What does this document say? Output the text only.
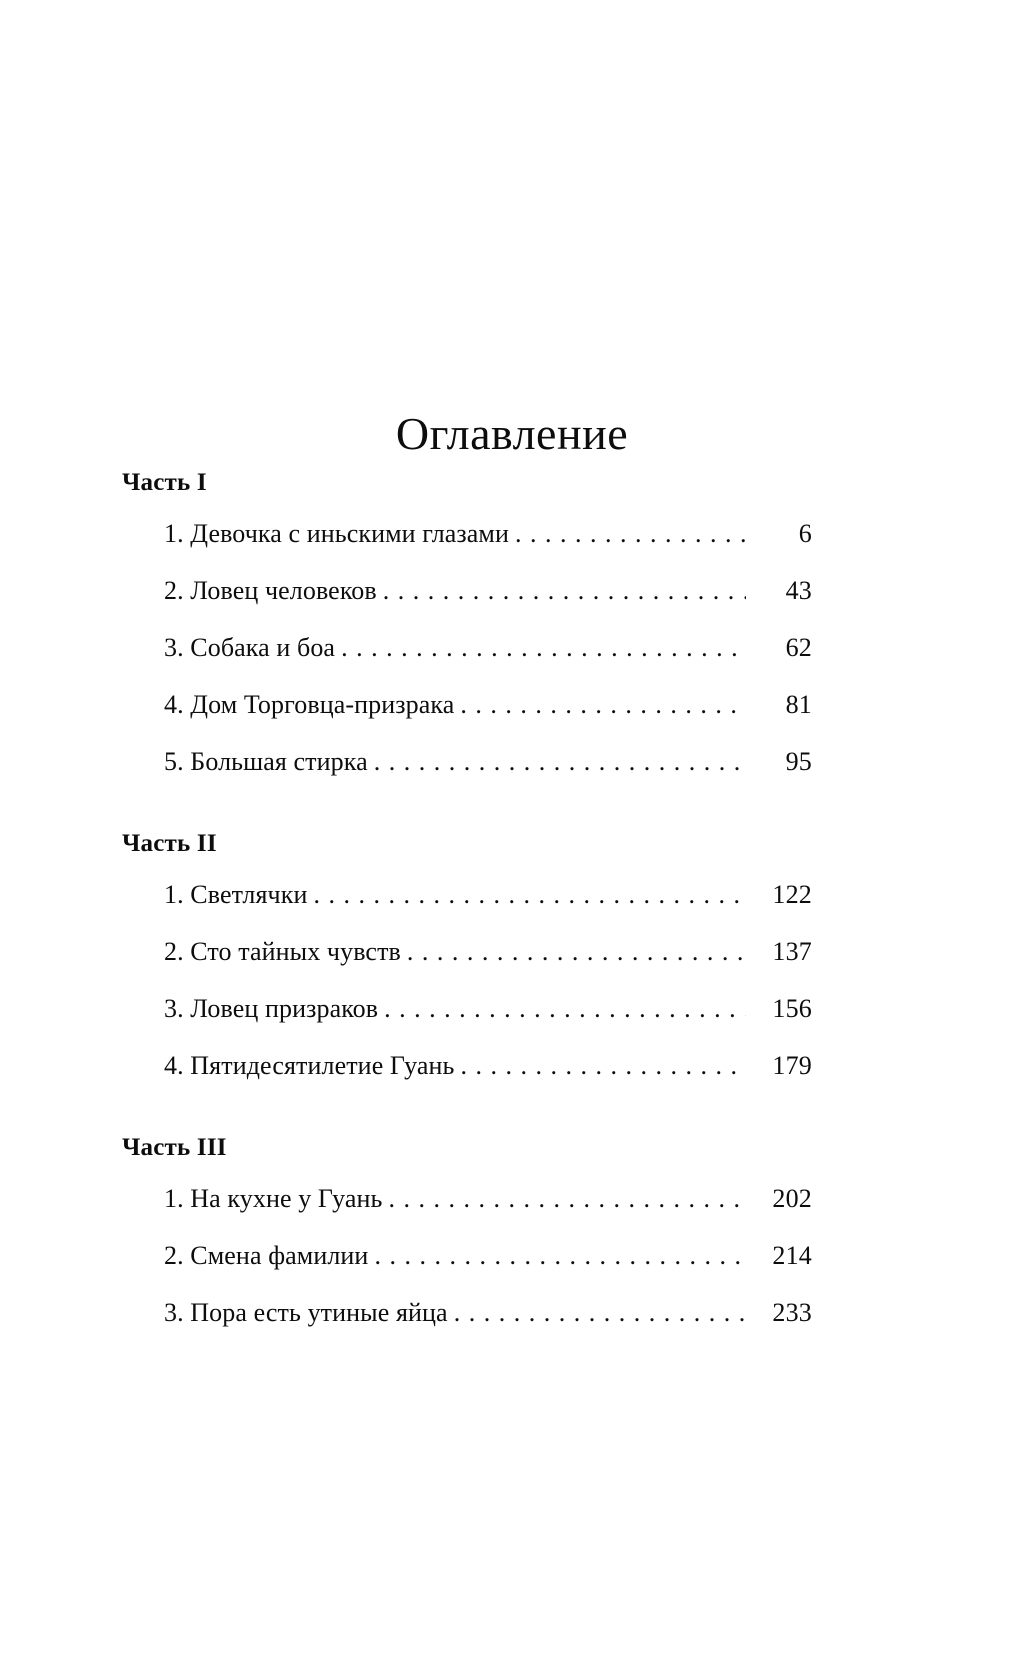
Оглавление
Часть I
1. Девочка с иньскими глазами . . .	6
2. Ловец человеков . . .	43
3. Собака и боа . . .	62
4. Дом Торговца-призрака . . .	81
5. Большая стирка . . .	95
Часть II
1. Светлячки . . .	122
2. Сто тайных чувств . . .	137
3. Ловец призраков . . .	156
4. Пятидесятилетие Гуань . . .	179
Часть III
1. На кухне у Гуань . . .	202
2. Смена фамилии . . .	214
3. Пора есть утиные яйца . . .	233
